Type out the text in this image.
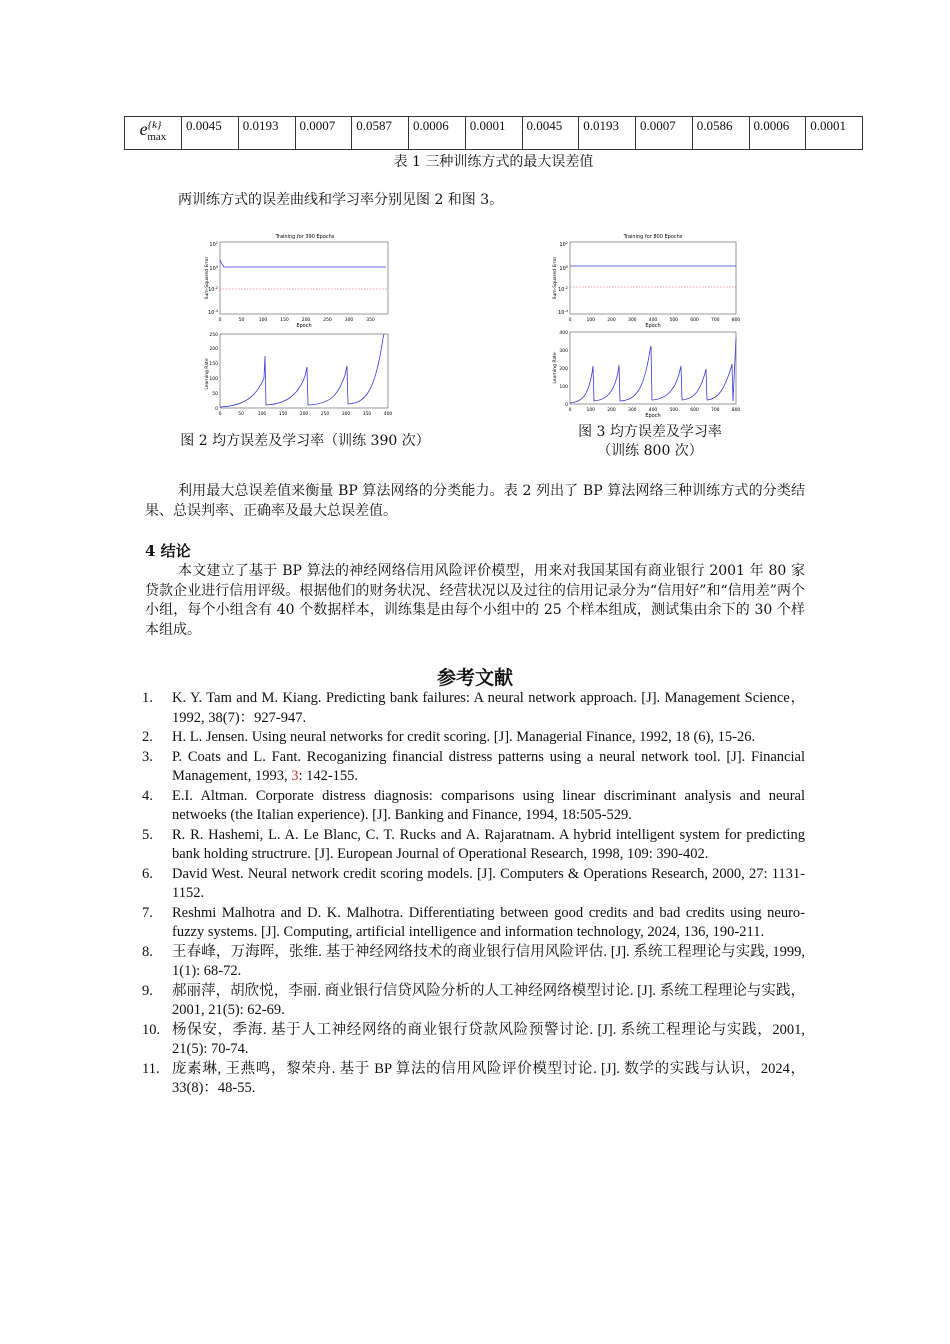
$e^{\{k\}}_{max}$	0.0045	0.0193	0.0007	0.0587	0.0006	0.0001	0.0045	0.0193	0.0007	0.0586	0.0006	0.0001
表 1 三种训练方式的最大误差值
两训练方式的误差曲线和学习率分别见图 2 和图 3。
Training for 390 Epochs
$10^2$
$10^0$
$10^{-2}$
$10^{-4}$
Sum-Squared Error
0	50	100	150	200	250	300	350
Epoch
Learning Rate
0
50
100
150
200
250
0	50	100	150	200	250	300	350	400
图 2 均方误差及学习率（训练 390 次）
Training for 800 Epochs
$10^2$
$10^0$
$10^{-2}$
$10^{-4}$
Sum-Squared Error
0	100	200	300	400	500	600	700	800
Epoch
Learning Rate
0
100
200
300
400
0	100	200	300	400	500	600	700	800
Epoch
图 3 均方误差及学习率
（训练 800 次）
利用最大总误差值来衡量 BP 算法网络的分类能力。表 2 列出了 BP 算法网络三种训练方式的分类结果、总误判率、正确率及最大总误差值。
4 结论
本文建立了基于 BP 算法的神经网络信用风险评价模型，用来对我国某国有商业银行 2001 年 80 家贷款企业进行信用评级。根据他们的财务状况、经营状况以及过往的信用记录分为“信用好”和“信用差”两个小组，每个小组含有 40 个数据样本，训练集是由每个小组中的 25 个样本组成，测试集由余下的 30 个样本组成。
参考文献
1. K. Y. Tam and M. Kiang. Predicting bank failures: A neural network approach. [J]. Management Science，1992, 38(7)：927-947.
2. H. L. Jensen. Using neural networks for credit scoring. [J]. Managerial Finance, 1992, 18 (6), 15-26.
3. P. Coats and L. Fant. Recoganizing financial distress patterns using a neural network tool. [J]. Financial Management, 1993, 3: 142-155.
4. E.I. Altman. Corporate distress diagnosis: comparisons using linear discriminant analysis and neural netwoeks (the Italian experience). [J]. Banking and Finance, 1994, 18:505-529.
5. R. R. Hashemi, L. A. Le Blanc, C. T. Rucks and A. Rajaratnam. A hybrid intelligent system for predicting bank holding structrure. [J]. European Journal of Operational Research, 1998, 109: 390-402.
6. David West. Neural network credit scoring models. [J]. Computers & Operations Research, 2000, 27: 1131-1152.
7. Reshmi Malhotra and D. K. Malhotra. Differentiating between good credits and bad credits using neuro-fuzzy systems. [J]. Computing, artificial intelligence and information technology, 2024, 136, 190-211.
8. 王春峰，万海晖，张维. 基于神经网络技术的商业银行信用风险评估. [J]. 系统工程理论与实践, 1999, 1(1): 68-72.
9. 郝丽萍，胡欣悦，李丽. 商业银行信贷风险分析的人工神经网络模型讨论. [J]. 系统工程理论与实践，2001, 21(5): 62-69.
10. 杨保安，季海. 基于人工神经网络的商业银行贷款风险预警讨论. [J]. 系统工程理论与实践，2001, 21(5): 70-74.
11. 庞素琳, 王燕鸣，黎荣舟. 基于 BP 算法的信用风险评价模型讨论. [J]. 数学的实践与认识，2024，33(8)：48-55.
